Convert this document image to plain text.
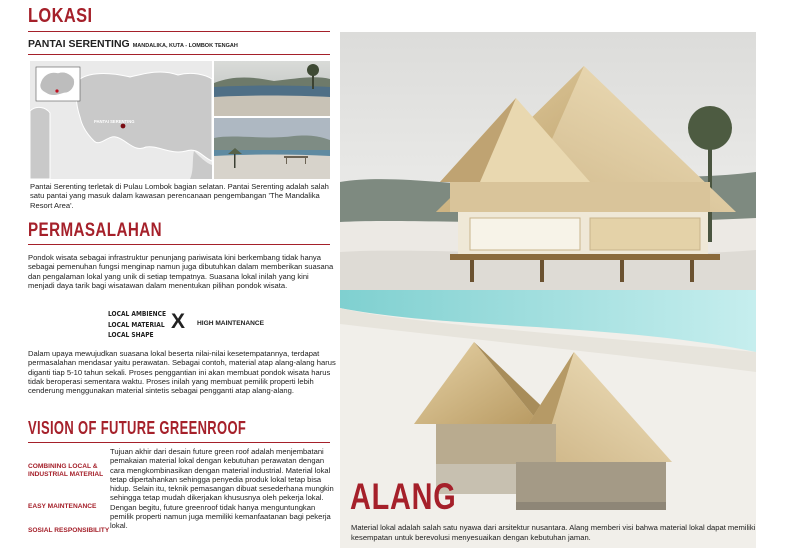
LOKASI
PANTAI SERENTING MANDALIKA, KUTA - LOMBOK TENGAH
PANTAI SERENTING

Pantai Serenting terletak di Pulau Lombok bagian selatan. Pantai Serenting adalah salah satu pantai yang masuk dalam kawasan perencanaan pengembangan 'The Mandalika Resort Area'.

PERMASALAHAN

Pondok wisata sebagai infrastruktur penunjang pariwisata kini berkembang tidak hanya sebagai pemenuhan fungsi menginap namun juga dibutuhkan dalam memberikan suasana dan pengalaman lokal yang unik di setiap tempatnya. Suasana lokal inilah yang kini menjadi daya tarik bagi wisatawan dalam menentukan pilihan pondok wisata.

LOCAL AMBIENCE
LOCAL MATERIAL
LOCAL SHAPE
X HIGH MAINTENANCE

Dalam upaya mewujudkan suasana lokal beserta nilai-nilai kesetempatannya, terdapat permasalahan mendasar yaitu perawatan. Sebagai contoh, material atap alang-alang harus diganti tiap 5-10 tahun sekali. Proses penggantian ini akan membuat pondok wisata harus tidak beroperasi sementara waktu. Proses inilah yang membuat pemilik properti lebih cenderung menggunakan material sintetis sebagai pengganti atap alang-alang.

VISION OF FUTURE GREENROOF
COMBINING LOCAL & INDUSTRIAL MATERIAL
EASY MAINTENANCE
SOSIAL RESPONSIBILITY

Tujuan akhir dari desain future green roof adalah menjembatani pemakaian material lokal dengan kebutuhan perawatan dengan cara mengkombinasikan dengan material industrial. Material lokal tetap dipertahankan sehingga penyedia produk lokal tetap bisa hidup. Selain itu, teknik pemasangan dibuat sesederhana mungkin sehingga tetap mudah dikerjakan khususnya oleh pekerja lokal. Dengan begitu, future greenroof tidak hanya menguntungkan pemilik properti namun juga memiliki kemanfaatanan bagi pekerja lokal.

ALANG
Material lokal adalah salah satu nyawa dari arsitektur nusantara. Alang memberi visi bahwa material lokal dapat memiliki kesempatan untuk berevolusi menyesuaikan dengan kebutuhan jaman.
